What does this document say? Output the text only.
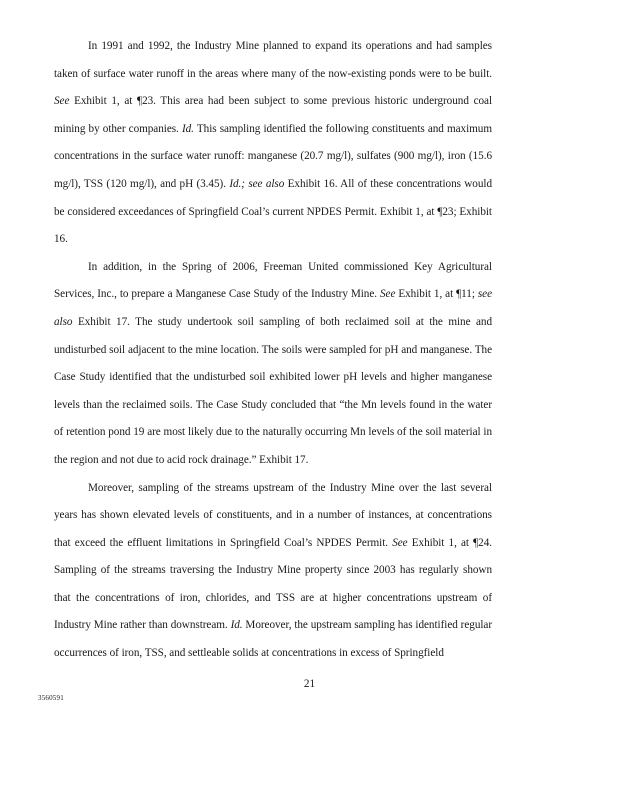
In 1991 and 1992, the Industry Mine planned to expand its operations and had samples taken of surface water runoff in the areas where many of the now-existing ponds were to be built. See Exhibit 1, at ¶23. This area had been subject to some previous historic underground coal mining by other companies. Id. This sampling identified the following constituents and maximum concentrations in the surface water runoff: manganese (20.7 mg/l), sulfates (900 mg/l), iron (15.6 mg/l), TSS (120 mg/l), and pH (3.45). Id.; see also Exhibit 16. All of these concentrations would be considered exceedances of Springfield Coal’s current NPDES Permit. Exhibit 1, at ¶23; Exhibit 16.

In addition, in the Spring of 2006, Freeman United commissioned Key Agricultural Services, Inc., to prepare a Manganese Case Study of the Industry Mine. See Exhibit 1, at ¶11; see also Exhibit 17. The study undertook soil sampling of both reclaimed soil at the mine and undisturbed soil adjacent to the mine location. The soils were sampled for pH and manganese. The Case Study identified that the undisturbed soil exhibited lower pH levels and higher manganese levels than the reclaimed soils. The Case Study concluded that “the Mn levels found in the water of retention pond 19 are most likely due to the naturally occurring Mn levels of the soil material in the region and not due to acid rock drainage.” Exhibit 17.

Moreover, sampling of the streams upstream of the Industry Mine over the last several years has shown elevated levels of constituents, and in a number of instances, at concentrations that exceed the effluent limitations in Springfield Coal’s NPDES Permit. See Exhibit 1, at ¶24. Sampling of the streams traversing the Industry Mine property since 2003 has regularly shown that the concentrations of iron, chlorides, and TSS are at higher concentrations upstream of Industry Mine rather than downstream. Id. Moreover, the upstream sampling has identified regular occurrences of iron, TSS, and settleable solids at concentrations in excess of Springfield

21
3560591
